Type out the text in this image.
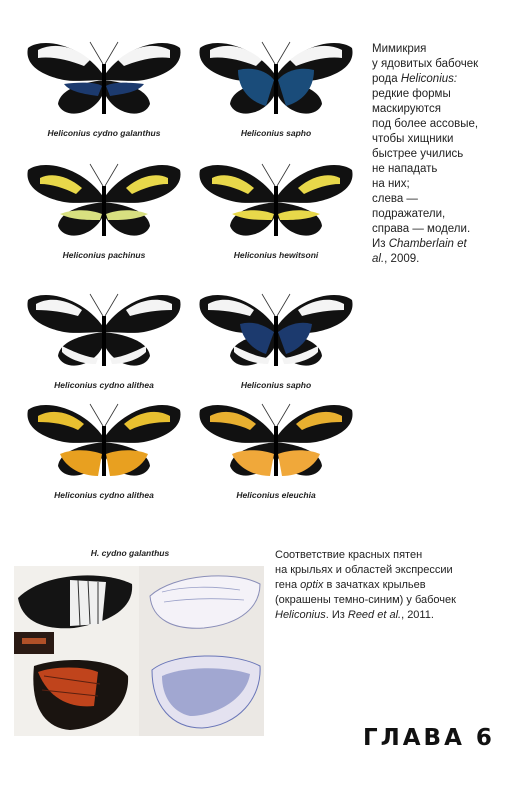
Heliconius cydno galanthus	Heliconius sapho
Heliconius pachinus	Heliconius hewitsoni
Heliconius cydno alithea	Heliconius sapho
Heliconius cydno alithea	Heliconius eleuchia

Мимикрия

у ядовитых бабочек

рода Heliconius:

редкие формы

маскируются

под более ассовые,

чтобы хищники

быстрее учились

не нападать

на них;

слева —

подражатели,

справа — модели.

Из Chamberlain et

al., 2009.

H. cydno galanthus	Соответствие красных пятен
на крыльях и областей экспрессии
гена optix в зачатках крыльев
(окрашены темно-синим) у бабочек
Heliconius. Из Reed et al., 2011.
ГЛАВА 6
